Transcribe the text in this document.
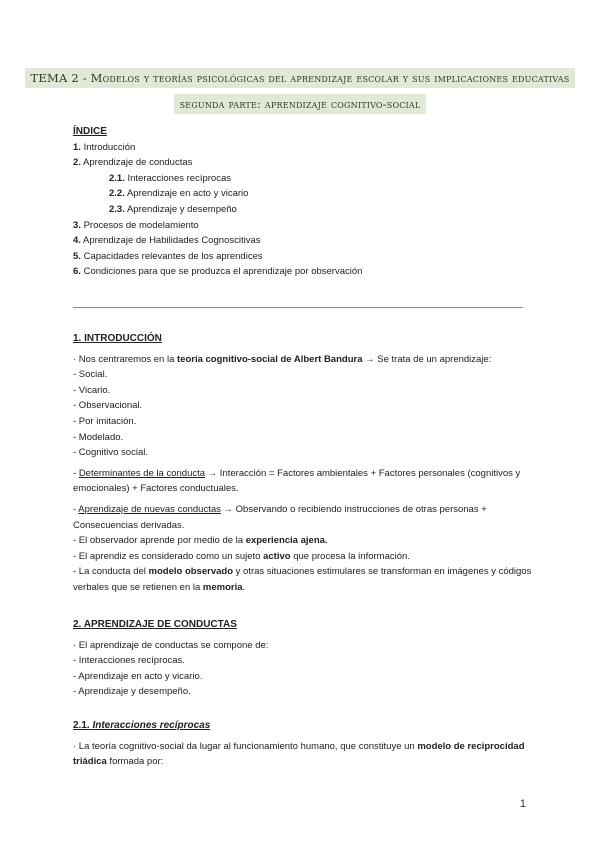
TEMA 2 - Modelos y teorías psicológicas del aprendizaje escolar y sus implicaciones educativas
segunda parte: aprendizaje cognitivo-social
ÍNDICE
1. Introducción
2. Aprendizaje de conductas
2.1. Interacciones recíprocas
2.2. Aprendizaje en acto y vicario
2.3. Aprendizaje y desempeño
3. Procesos de modelamiento
4. Aprendizaje de Habilidades Cognoscitivas
5. Capacidades relevantes de los aprendices
6. Condiciones para que se produzca el aprendizaje por observación
1. INTRODUCCIÓN
· Nos centraremos en la teoría cognitivo-social de Albert Bandura → Se trata de un aprendizaje:
- Social.
- Vicario.
- Observacional.
- Por imitación.
- Modelado.
- Cognitivo social.
- Determinantes de la conducta → Interacción = Factores ambientales + Factores personales (cognitivos y emocionales) + Factores conductuales.
- Aprendizaje de nuevas conductas → Observando o recibiendo instrucciones de otras personas + Consecuencias derivadas.
- El observador aprende por medio de la experiencia ajena.
- El aprendiz es considerado como un sujeto activo que procesa la información.
- La conducta del modelo observado y otras situaciones estimulares se transforman en imágenes y códigos verbales que se retienen en la memoria.
2. APRENDIZAJE DE CONDUCTAS
· El aprendizaje de conductas se compone de:
- Interacciones recíprocas.
- Aprendizaje en acto y vicario.
- Aprendizaje y desempeño.
2.1. Interacciones recíprocas
· La teoría cognitivo-social da lugar al funcionamiento humano, que constituye un modelo de reciprocidad triádica formada por:
1
